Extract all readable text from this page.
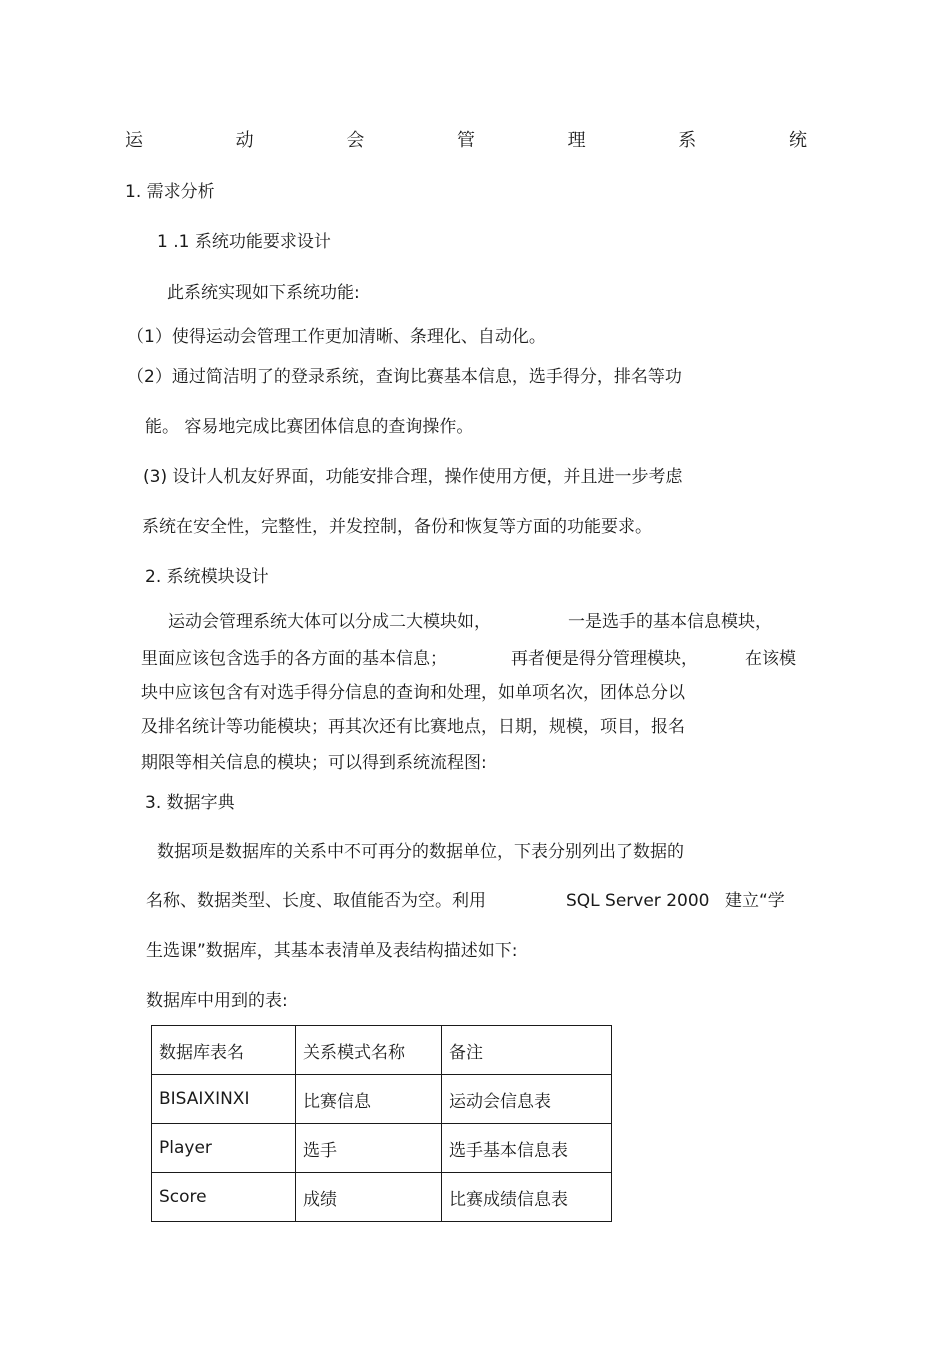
运	动	会	管	理	系	统
1. 需求分析
1 .1 系统功能要求设计
此系统实现如下系统功能:
（1）使得运动会管理工作更加清晰、条理化、自动化。
（2）通过简洁明了的登录系统，查询比赛基本信息，选手得分，排名等功
能。 容易地完成比赛团体信息的查询操作。
(3) 设计人机友好界面，功能安排合理，操作使用方便，并且进一步考虑
系统在安全性，完整性，并发控制，备份和恢复等方面的功能要求。
2. 系统模块设计
运动会管理系统大体可以分成二大模块如，	一是选手的基本信息模块，
里面应该包含选手的各方面的基本信息；	再者便是得分管理模块，	在该模
块中应该包含有对选手得分信息的查询和处理，如单项名次，团体总分以
及排名统计等功能模块；再其次还有比赛地点，日期，规模，项目，报名
期限等相关信息的模块；可以得到系统流程图:
3. 数据字典
数据项是数据库的关系中不可再分的数据单位，下表分别列出了数据的
名称、数据类型、长度、取值能否为空。利用	SQL Server 2000 建立“学
生选课”数据库，其基本表清单及表结构描述如下:
数据库中用到的表:
数据库表名	关系模式名称	备注
BISAIXINXI	比赛信息	运动会信息表
Player	选手	选手基本信息表
Score	成绩	比赛成绩信息表
